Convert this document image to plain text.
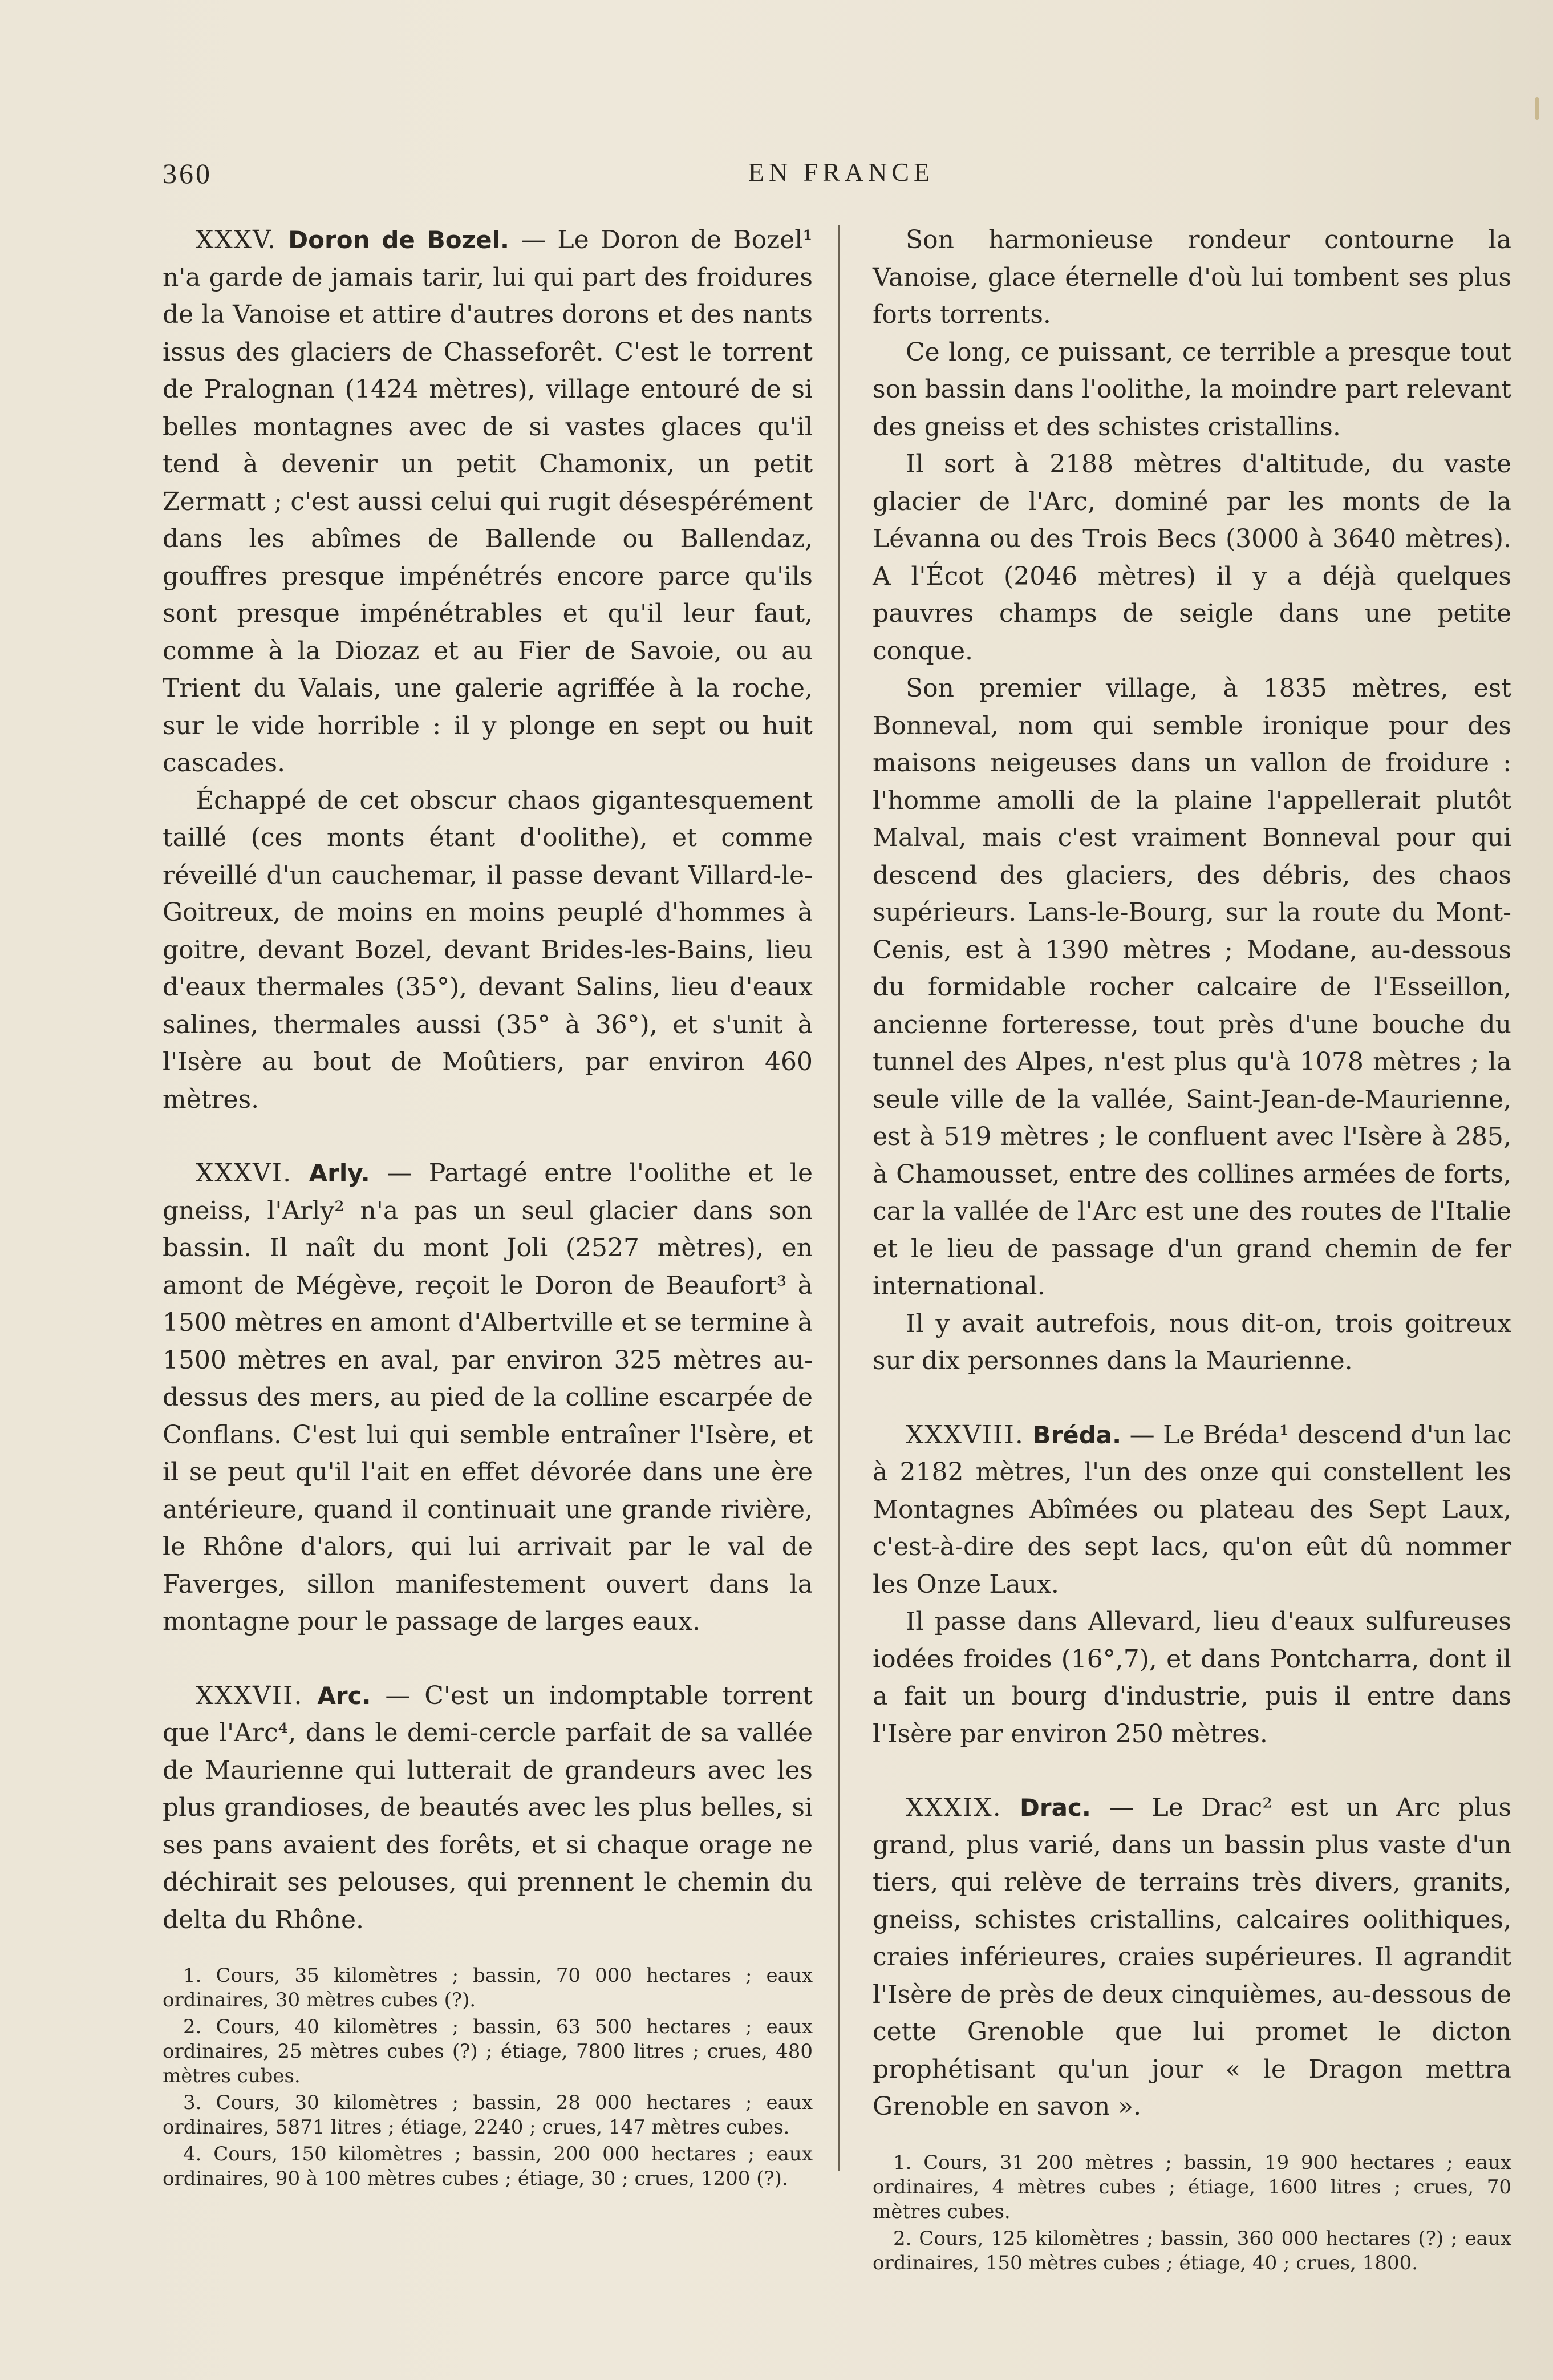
360	EN FRANCE

XXXV. Doron de Bozel. — Le Doron de Bozel¹ n'a garde de jamais tarir, lui qui part des froidures de la Vanoise et attire d'autres dorons et des nants issus des glaciers de Chasseforêt. C'est le torrent de Pralognan (1424 mètres), village entouré de si belles montagnes avec de si vastes glaces qu'il tend à devenir un petit Chamonix, un petit Zermatt ; c'est aussi celui qui rugit désespérément dans les abîmes de Ballende ou Ballendaz, gouffres presque impénétrés encore parce qu'ils sont presque impénétrables et qu'il leur faut, comme à la Diozaz et au Fier de Savoie, ou au Trient du Valais, une galerie agriffée à la roche, sur le vide horrible : il y plonge en sept ou huit cascades.

Échappé de cet obscur chaos gigantesquement taillé (ces monts étant d'oolithe), et comme réveillé d'un cauchemar, il passe devant Villard-le-Goitreux, de moins en moins peuplé d'hommes à goitre, devant Bozel, devant Brides-les-Bains, lieu d'eaux thermales (35°), devant Salins, lieu d'eaux salines, thermales aussi (35° à 36°), et s'unit à l'Isère au bout de Moûtiers, par environ 460 mètres.

XXXVI. Arly. — Partagé entre l'oolithe et le gneiss, l'Arly² n'a pas un seul glacier dans son bassin. Il naît du mont Joli (2527 mètres), en amont de Mégève, reçoit le Doron de Beaufort³ à 1500 mètres en amont d'Albertville et se termine à 1500 mètres en aval, par environ 325 mètres au-dessus des mers, au pied de la colline escarpée de Conflans. C'est lui qui semble entraîner l'Isère, et il se peut qu'il l'ait en effet dévorée dans une ère antérieure, quand il continuait une grande rivière, le Rhône d'alors, qui lui arrivait par le val de Faverges, sillon manifestement ouvert dans la montagne pour le passage de larges eaux.

XXXVII. Arc. — C'est un indomptable torrent que l'Arc⁴, dans le demi-cercle parfait de sa vallée de Maurienne qui lutterait de grandeurs avec les plus grandioses, de beautés avec les plus belles, si ses pans avaient des forêts, et si chaque orage ne déchirait ses pelouses, qui prennent le chemin du delta du Rhône.

1. Cours, 35 kilomètres ; bassin, 70 000 hectares ; eaux ordinaires, 30 mètres cubes (?).

2. Cours, 40 kilomètres ; bassin, 63 500 hectares ; eaux ordinaires, 25 mètres cubes (?) ; étiage, 7800 litres ; crues, 480 mètres cubes.

3. Cours, 30 kilomètres ; bassin, 28 000 hectares ; eaux ordinaires, 5871 litres ; étiage, 2240 ; crues, 147 mètres cubes.

4. Cours, 150 kilomètres ; bassin, 200 000 hectares ; eaux ordinaires, 90 à 100 mètres cubes ; étiage, 30 ; crues, 1200 (?).

Son harmonieuse rondeur contourne la Vanoise, glace éternelle d'où lui tombent ses plus forts torrents.

Ce long, ce puissant, ce terrible a presque tout son bassin dans l'oolithe, la moindre part relevant des gneiss et des schistes cristallins.

Il sort à 2188 mètres d'altitude, du vaste glacier de l'Arc, dominé par les monts de la Lévanna ou des Trois Becs (3000 à 3640 mètres). A l'Écot (2046 mètres) il y a déjà quelques pauvres champs de seigle dans une petite conque.

Son premier village, à 1835 mètres, est Bonneval, nom qui semble ironique pour des maisons neigeuses dans un vallon de froidure : l'homme amolli de la plaine l'appellerait plutôt Malval, mais c'est vraiment Bonneval pour qui descend des glaciers, des débris, des chaos supérieurs. Lans-le-Bourg, sur la route du Mont-Cenis, est à 1390 mètres ; Modane, au-dessous du formidable rocher calcaire de l'Esseillon, ancienne forteresse, tout près d'une bouche du tunnel des Alpes, n'est plus qu'à 1078 mètres ; la seule ville de la vallée, Saint-Jean-de-Maurienne, est à 519 mètres ; le confluent avec l'Isère à 285, à Chamousset, entre des collines armées de forts, car la vallée de l'Arc est une des routes de l'Italie et le lieu de passage d'un grand chemin de fer international.

Il y avait autrefois, nous dit-on, trois goitreux sur dix personnes dans la Maurienne.

XXXVIII. Bréda. — Le Bréda¹ descend d'un lac à 2182 mètres, l'un des onze qui constellent les Montagnes Abîmées ou plateau des Sept Laux, c'est-à-dire des sept lacs, qu'on eût dû nommer les Onze Laux.

Il passe dans Allevard, lieu d'eaux sulfureuses iodées froides (16°,7), et dans Pontcharra, dont il a fait un bourg d'industrie, puis il entre dans l'Isère par environ 250 mètres.

XXXIX. Drac. — Le Drac² est un Arc plus grand, plus varié, dans un bassin plus vaste d'un tiers, qui relève de terrains très divers, granits, gneiss, schistes cristallins, calcaires oolithiques, craies inférieures, craies supérieures. Il agrandit l'Isère de près de deux cinquièmes, au-dessous de cette Grenoble que lui promet le dicton prophétisant qu'un jour « le Dragon mettra Grenoble en savon ».

1. Cours, 31 200 mètres ; bassin, 19 900 hectares ; eaux ordinaires, 4 mètres cubes ; étiage, 1600 litres ; crues, 70 mètres cubes.

2. Cours, 125 kilomètres ; bassin, 360 000 hectares (?) ; eaux ordinaires, 150 mètres cubes ; étiage, 40 ; crues, 1800.
